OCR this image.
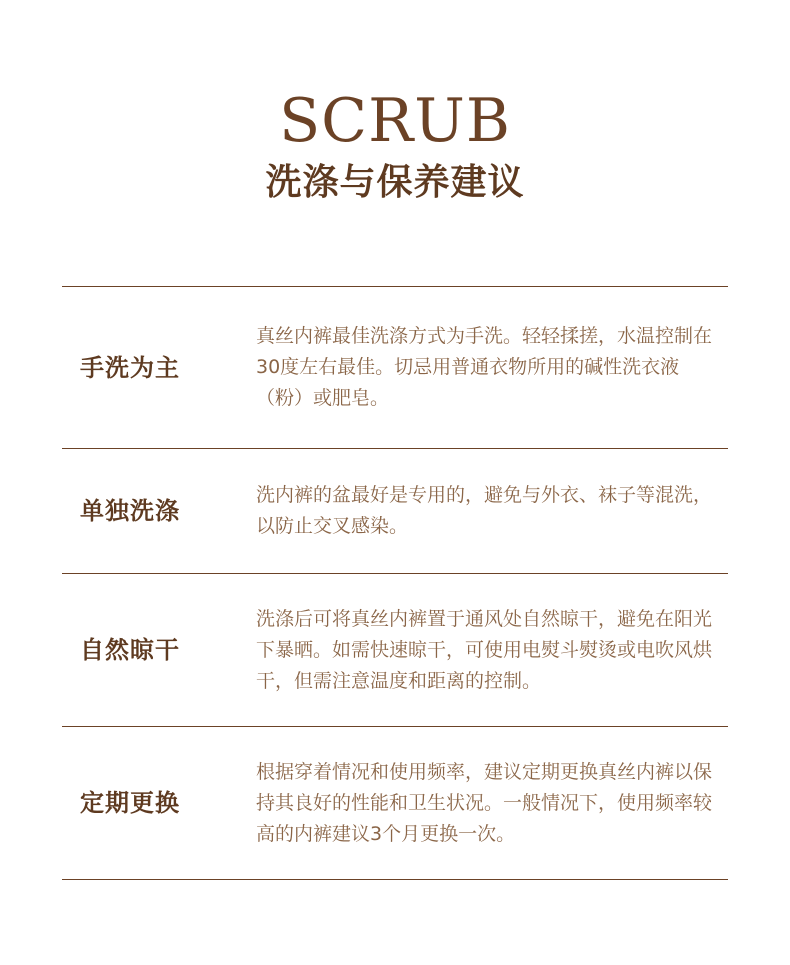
SCRUB
洗涤与保养建议
手洗为主
真丝内裤最佳洗涤方式为手洗。轻轻揉搓，水温控制在30度左右最佳。切忌用普通衣物所用的碱性洗衣液（粉）或肥皂。
单独洗涤
洗内裤的盆最好是专用的，避免与外衣、袜子等混洗，以防止交叉感染。
自然晾干
洗涤后可将真丝内裤置于通风处自然晾干，避免在阳光下暴晒。如需快速晾干，可使用电熨斗熨烫或电吹风烘干，但需注意温度和距离的控制。
定期更换
根据穿着情况和使用频率，建议定期更换真丝内裤以保持其良好的性能和卫生状况。一般情况下，使用频率较高的内裤建议3个月更换一次。
